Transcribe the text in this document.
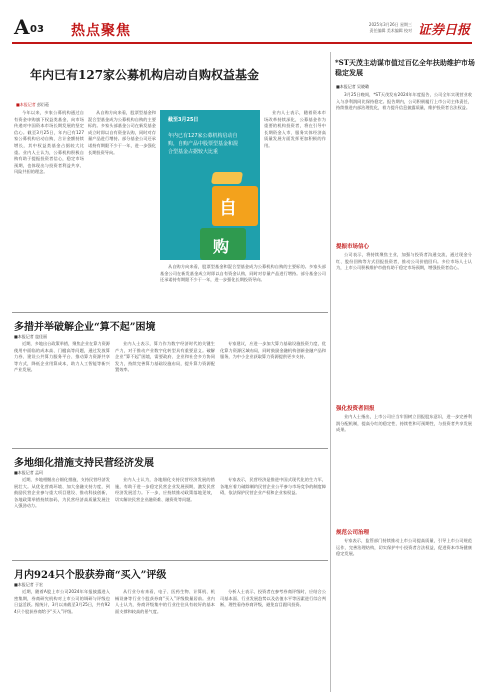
A 03 热点聚焦	2025年3月26日 星期三
责任编辑 美术编辑 校对 证券日报
年内已有127家公募机构启动自购权益基金
■本报记者 彭衍菘

今年以来，多家公募机构通过自有资金申购旗下权益类基金，向市场传递对中国资本市场长期发展的坚定信心。截至3月25日，年内已有127家公募机构启动自购，合计金额持续增长，其中权益类基金占据较大比重。业内人士认为，公募机构积极自购有助于提振投资者信心，稳定市场预期，也体现出与投资者利益共享、风险共担的理念。

从自购方向来看，股票型基金和混合型基金成为公募机构自购的主要标的。多家头部基金公司在新发基金成立时即以自有资金认购，同时对存量产品进行增持。部分基金公司还承诺持有期限不少于一年，进一步强化长期投资导向。

截至3月25日
年内已有127家公募机构启动自购，自购产品中股票型基金和混合型基金占据较大比重
自
购

业内人士表示，随着资本市场改革持续深化，公募基金作为重要的机构投资者，将在引导中长期资金入市、服务实体经济高质量发展方面发挥更加积极的作用。

从自购方向来看，股票型基金和混合型基金成为公募机构自购的主要标的。多家头部基金公司在新发基金成立时即以自有资金认购，同时对存量产品进行增持。部分基金公司还承诺持有期限不少于一年，进一步强化长期投资导向。

*ST天茂主动谋市值过百亿全年扶助维护市场稳定发展
■本报记者 吴晓璐

3月25日晚间，*ST天茂发布2024年年度报告，公司全年实现营业收入与净利润同比保持稳定。报告期内，公司积极履行上市公司主体责任，持续推进内部治理优化，着力提升信息披露质量，维护投资者合法权益。

提振市场信心

公司表示，将持续聚焦主业，加强与投资者沟通交流，通过现金分红、股份回购等方式回报投资者，推动公司价值回归。多位市场人士认为，上市公司积极维护市值有助于稳定市场预期，增强投资者信心。

强化投资者回报

业内人士指出，上市公司应当牢固树立回报股东意识，进一步完善利润分配机制，提高分红的稳定性、持续性和可预期性，与投资者共享发展成果。

规范公司治理

专家表示，监管部门持续推动上市公司提高质量，引导上市公司规范运作，完善治理结构，切实保护中小投资者合法权益，促进资本市场健康稳定发展。

多措并举破解企业“算不起”困境
■本报记者 寇佳丽

近期，多地出台政策举措，聚焦企业在算力资源使用中面临的成本高、门槛高等问题，通过发放算力券、建设公共算力服务平台、推动算力资源共享等方式，降低企业用算成本，助力人工智能等新兴产业发展。

业内人士表示，算力作为数字经济时代的关键生产力，对于推动产业数字化转型具有重要意义。破解企业“算不起”困境，需要政府、企业和社会多方协同发力，持续完善算力基础设施布局，提升算力资源配置效率。

专家建议，应进一步加大算力基础设施投资力度，优化算力资源区域布局，同时鼓励金融机构创新金融产品和服务，为中小企业获取算力资源提供更多支持。

多地细化措施支持民营经济发展
■本报记者 孟珂

近期，多地相继出台细化措施，支持民营经济发展壮大。从优化营商环境、加大金融支持力度，到鼓励民营企业参与重大项目建设、推动科技创新，各地政策举措持续加码，为民营经济高质量发展注入强劲动力。

业内人士认为，各地细化支持民营经济发展的措施，有助于进一步稳定民营企业发展预期，激发民营经济发展活力。下一步，应持续推动政策落地见效，切实解决民营企业融资难、融资贵等问题。

专家表示，民营经济是推进中国式现代化的生力军，各地应着力破除制约民营企业公平参与市场竞争的制度障碍，依法保护民营企业产权和企业家权益。

月内924只个股获券商“买入”评级
■本报记者 于宏

近期，随着A股上市公司2024年年报披露进入密集期，券商研究机构对上市公司的调研与评级也日益活跃。据统计，3月以来截至3月25日，共有924只个股获券商给予“买入”评级。

从行业分布来看，电子、医药生物、计算机、机械设备等行业个股获券商“买入”评级数量居前。业内人士认为，券商评级集中的行业往往具有较好的基本面支撑和较高的景气度。

分析人士表示，投资者在参考券商评级时，应结合公司基本面、行业发展趋势以及估值水平等因素进行综合判断，理性看待券商评级，避免盲目跟风投资。
